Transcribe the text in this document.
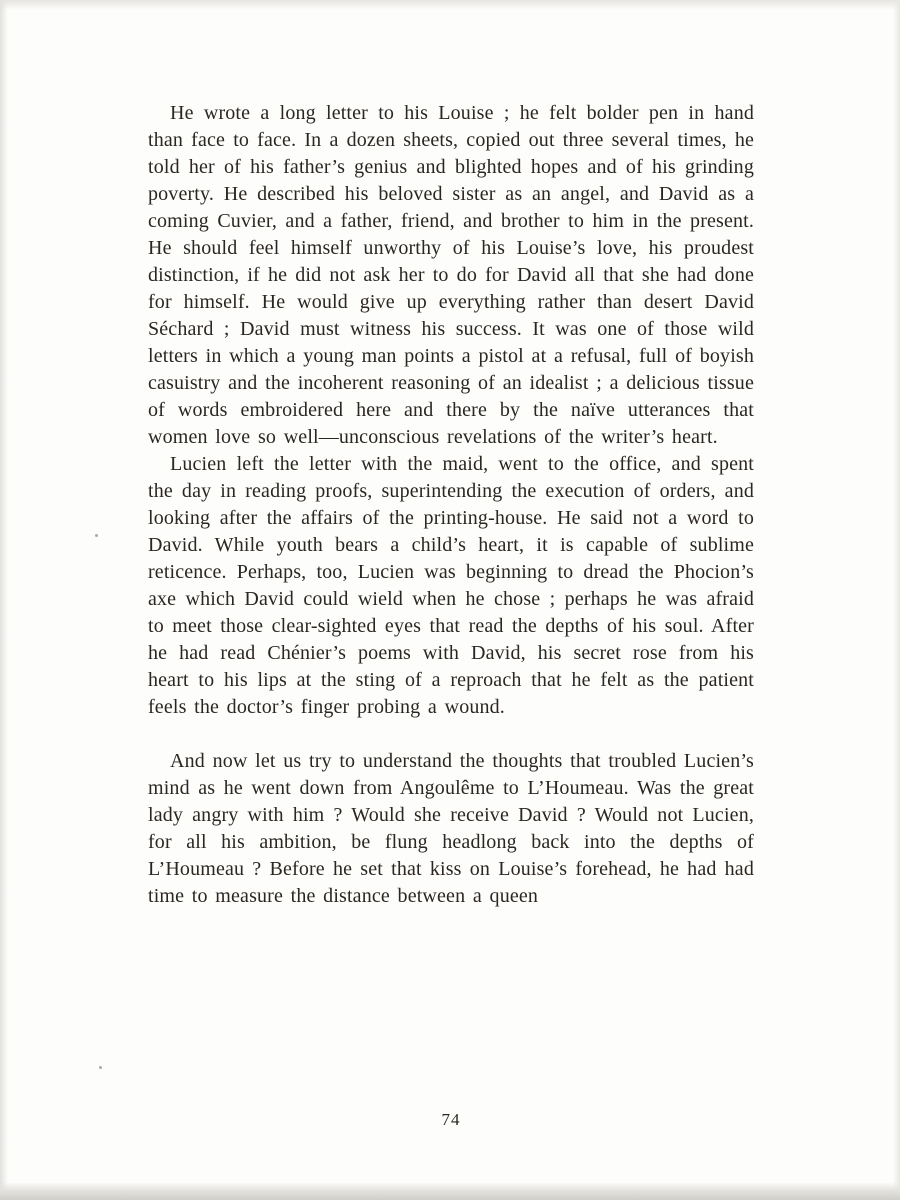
He wrote a long letter to his Louise ; he felt bolder pen in hand than face to face. In a dozen sheets, copied out three several times, he told her of his father’s genius and blighted hopes and of his grinding poverty. He described his beloved sister as an angel, and David as a coming Cuvier, and a father, friend, and brother to him in the present. He should feel himself unworthy of his Louise’s love, his proudest distinction, if he did not ask her to do for David all that she had done for himself. He would give up everything rather than desert David Séchard ; David must witness his success. It was one of those wild letters in which a young man points a pistol at a refusal, full of boyish casuistry and the incoherent reasoning of an idealist ; a delicious tissue of words embroidered here and there by the naïve utterances that women love so well—unconscious revelations of the writer’s heart.

Lucien left the letter with the maid, went to the office, and spent the day in reading proofs, superintending the execution of orders, and looking after the affairs of the printing-house. He said not a word to David. While youth bears a child’s heart, it is capable of sublime reticence. Perhaps, too, Lucien was beginning to dread the Phocion’s axe which David could wield when he chose ; perhaps he was afraid to meet those clear-sighted eyes that read the depths of his soul. After he had read Chénier’s poems with David, his secret rose from his heart to his lips at the sting of a reproach that he felt as the patient feels the doctor’s finger probing a wound.

And now let us try to understand the thoughts that troubled Lucien’s mind as he went down from Angoulême to L’Houmeau. Was the great lady angry with him ? Would she receive David ? Would not Lucien, for all his ambition, be flung headlong back into the depths of L’Houmeau ? Before he set that kiss on Louise’s forehead, he had had time to measure the distance between a queen

74
